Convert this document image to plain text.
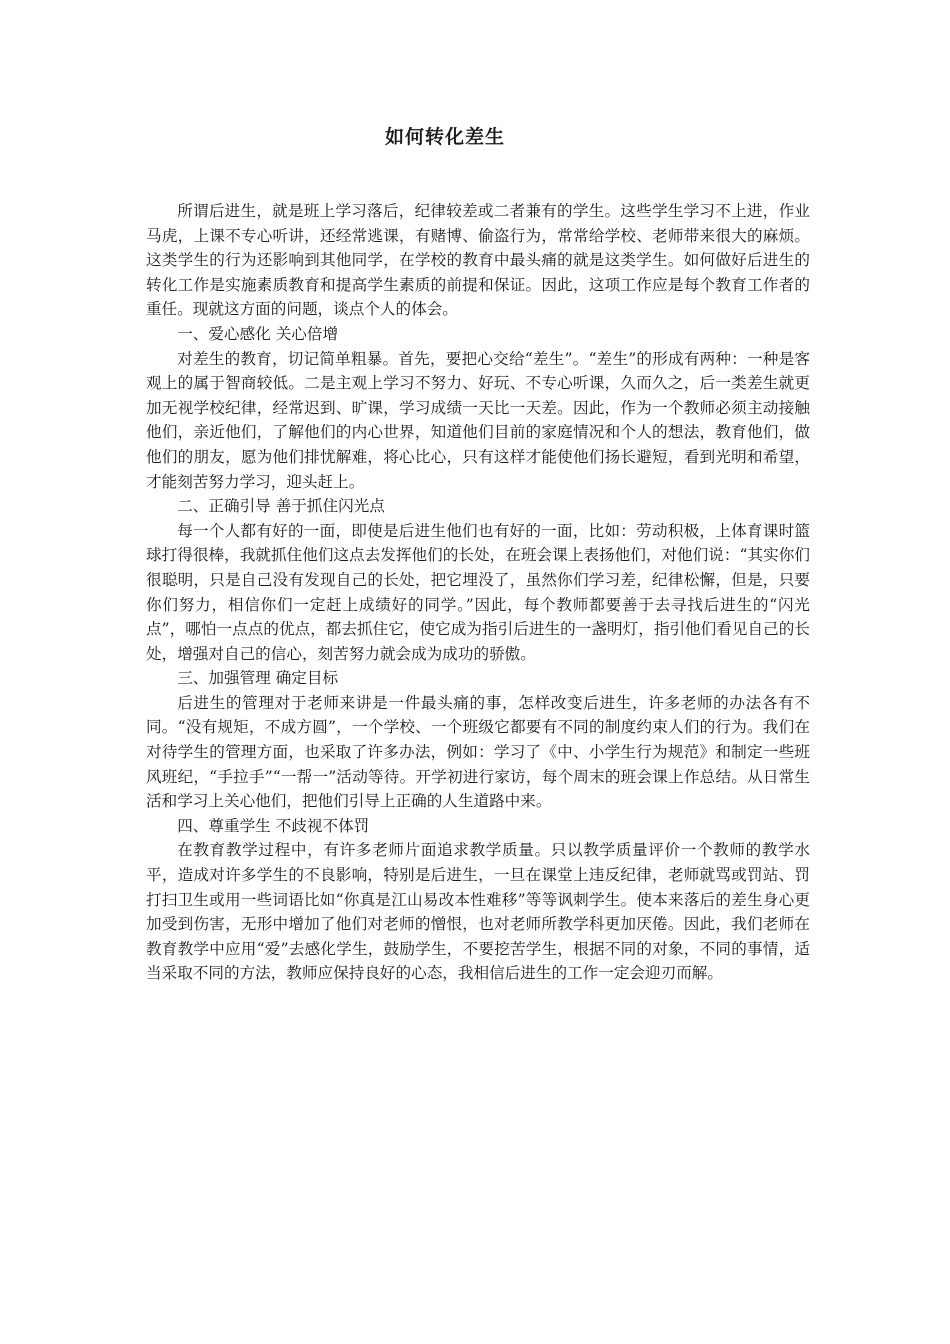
如何转化差生

所谓后进生，就是班上学习落后，纪律较差或二者兼有的学生。这些学生学习不上进，作业马虎，上课不专心听讲，还经常逃课，有赌博、偷盗行为，常常给学校、老师带来很大的麻烦。这类学生的行为还影响到其他同学，在学校的教育中最头痛的就是这类学生。如何做好后进生的转化工作是实施素质教育和提高学生素质的前提和保证。因此，这项工作应是每个教育工作者的重任。现就这方面的问题，谈点个人的体会。

一、爱心感化 关心倍增

对差生的教育，切记简单粗暴。首先，要把心交给“差生”。“差生”的形成有两种：一种是客观上的属于智商较低。二是主观上学习不努力、好玩、不专心听课，久而久之，后一类差生就更加无视学校纪律，经常迟到、旷课，学习成绩一天比一天差。因此，作为一个教师必须主动接触他们，亲近他们，了解他们的内心世界，知道他们目前的家庭情况和个人的想法，教育他们，做他们的朋友，愿为他们排忧解难，将心比心，只有这样才能使他们扬长避短，看到光明和希望，才能刻苦努力学习，迎头赶上。

二、正确引导 善于抓住闪光点

每一个人都有好的一面，即使是后进生他们也有好的一面，比如：劳动积极，上体育课时篮球打得很棒，我就抓住他们这点去发挥他们的长处，在班会课上表扬他们，对他们说：“其实你们很聪明，只是自己没有发现自己的长处，把它埋没了，虽然你们学习差，纪律松懈，但是，只要你们努力，相信你们一定赶上成绩好的同学。”因此，每个教师都要善于去寻找后进生的“闪光点”，哪怕一点点的优点，都去抓住它，使它成为指引后进生的一盏明灯，指引他们看见自己的长处，增强对自己的信心，刻苦努力就会成为成功的骄傲。

三、加强管理 确定目标

后进生的管理对于老师来讲是一件最头痛的事，怎样改变后进生，许多老师的办法各有不同。“没有规矩，不成方圆”，一个学校、一个班级它都要有不同的制度约束人们的行为。我们在对待学生的管理方面，也采取了许多办法，例如：学习了《中、小学生行为规范》和制定一些班风班纪，“手拉手”“一帮一”活动等待。开学初进行家访，每个周末的班会课上作总结。从日常生活和学习上关心他们，把他们引导上正确的人生道路中来。

四、尊重学生 不歧视不体罚

在教育教学过程中，有许多老师片面追求教学质量。只以教学质量评价一个教师的教学水平，造成对许多学生的不良影响，特别是后进生，一旦在课堂上违反纪律，老师就骂或罚站、罚打扫卫生或用一些词语比如“你真是江山易改本性难移”等等讽刺学生。使本来落后的差生身心更加受到伤害，无形中增加了他们对老师的憎恨，也对老师所教学科更加厌倦。因此，我们老师在教育教学中应用“爱”去感化学生，鼓励学生，不要挖苦学生，根据不同的对象，不同的事情，适当采取不同的方法，教师应保持良好的心态，我相信后进生的工作一定会迎刃而解。
